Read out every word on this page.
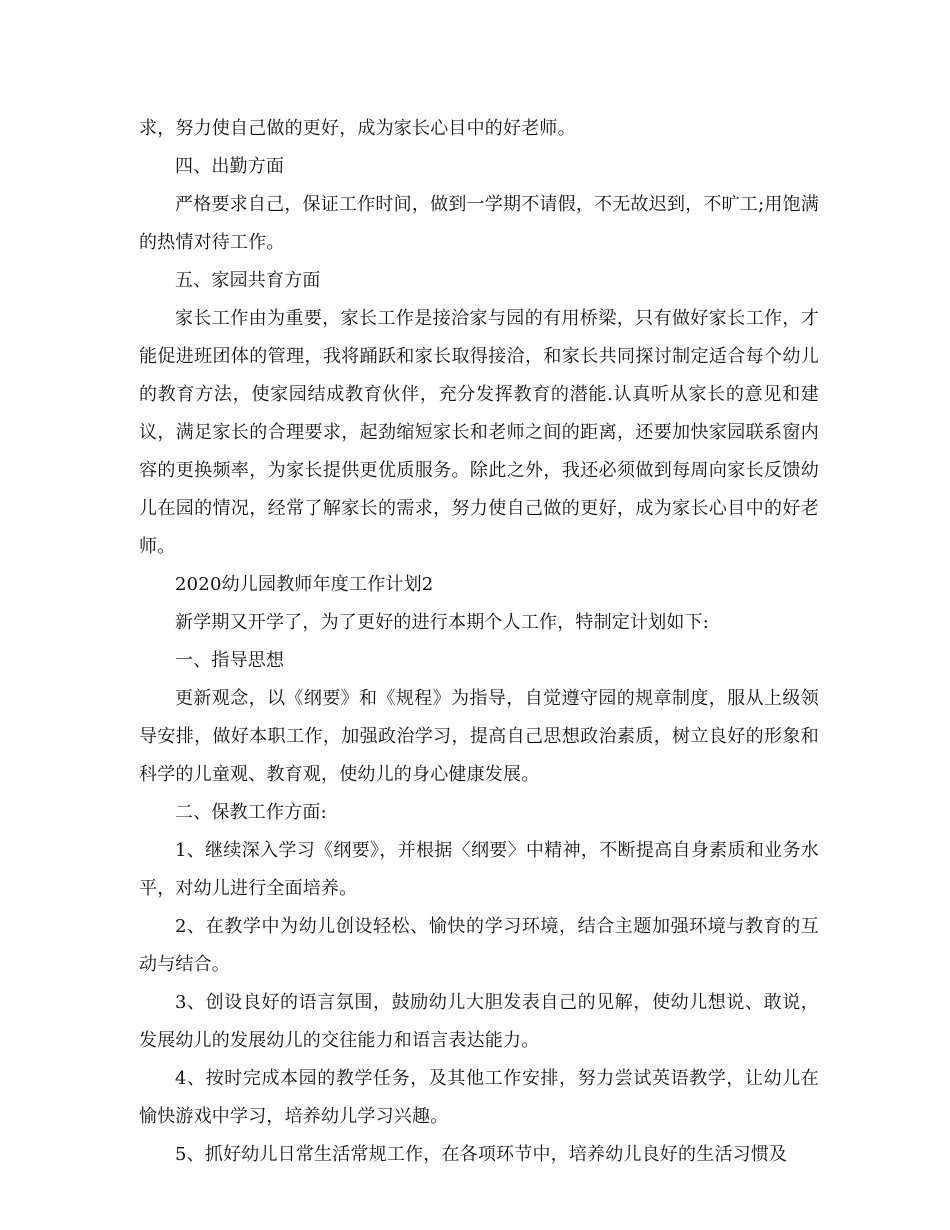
求，努力使自己做的更好，成为家长心目中的好老师。

四、出勤方面

严格要求自己，保证工作时间，做到一学期不请假，不无故迟到，不旷工;用饱满的热情对待工作。

五、家园共育方面

家长工作由为重要，家长工作是接洽家与园的有用桥梁，只有做好家长工作，才能促进班团体的管理，我将踊跃和家长取得接洽，和家长共同探讨制定适合每个幼儿的教育方法，使家园结成教育伙伴，充分发挥教育的潜能.认真听从家长的意见和建议，满足家长的合理要求，起劲缩短家长和老师之间的距离，还要加快家园联系窗内容的更换频率，为家长提供更优质服务。除此之外，我还必须做到每周向家长反馈幼儿在园的情况，经常了解家长的需求，努力使自己做的更好，成为家长心目中的好老师。

2020幼儿园教师年度工作计划2

新学期又开学了，为了更好的进行本期个人工作，特制定计划如下:

一、指导思想

更新观念，以《纲要》和《规程》为指导，自觉遵守园的规章制度，服从上级领导安排，做好本职工作，加强政治学习，提高自己思想政治素质，树立良好的形象和科学的儿童观、教育观，使幼儿的身心健康发展。

二、保教工作方面:

1、继续深入学习《纲要》，并根据〈纲要〉中精神，不断提高自身素质和业务水平，对幼儿进行全面培养。

2、在教学中为幼儿创设轻松、愉快的学习环境，结合主题加强环境与教育的互动与结合。

3、创设良好的语言氛围，鼓励幼儿大胆发表自己的见解，使幼儿想说、敢说，发展幼儿的发展幼儿的交往能力和语言表达能力。

4、按时完成本园的教学任务，及其他工作安排，努力尝试英语教学，让幼儿在愉快游戏中学习，培养幼儿学习兴趣。

5、抓好幼儿日常生活常规工作，在各项环节中，培养幼儿良好的生活习惯及
